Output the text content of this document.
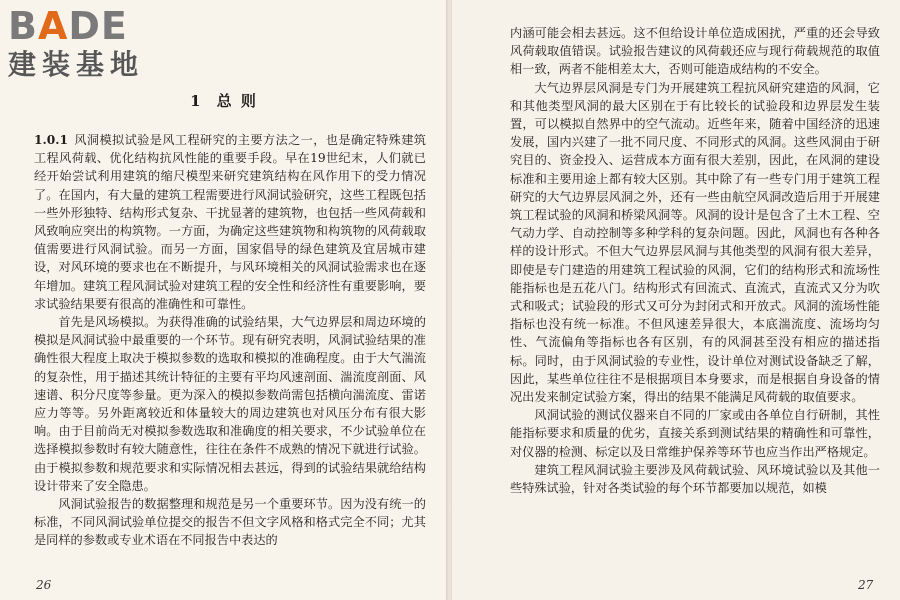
BADE
建装基地
1 总 则

1.0.1 风洞模拟试验是风工程研究的主要方法之一，也是确定特殊建筑工程风荷载、优化结构抗风性能的重要手段。早在19世纪末，人们就已经开始尝试利用建筑的缩尺模型来研究建筑结构在风作用下的受力情况了。在国内，有大量的建筑工程需要进行风洞试验研究，这些工程既包括一些外形独特、结构形式复杂、干扰显著的建筑物，也包括一些风荷载和风致响应突出的构筑物。一方面，为确定这些建筑物和构筑物的风荷载取值需要进行风洞试验。而另一方面，国家倡导的绿色建筑及宜居城市建设，对风环境的要求也在不断提升，与风环境相关的风洞试验需求也在逐年增加。建筑工程风洞试验对建筑工程的安全性和经济性有重要影响，要求试验结果要有很高的准确性和可靠性。

首先是风场模拟。为获得准确的试验结果，大气边界层和周边环境的模拟是风洞试验中最重要的一个环节。现有研究表明，风洞试验结果的准确性很大程度上取决于模拟参数的选取和模拟的准确程度。由于大气湍流的复杂性，用于描述其统计特征的主要有平均风速剖面、湍流度剖面、风速谱、积分尺度等参量。更为深入的模拟参数尚需包括横向湍流度、雷诺应力等等。另外距离较近和体量较大的周边建筑也对风压分布有很大影响。由于目前尚无对模拟参数选取和准确度的相关要求，不少试验单位在选择模拟参数时有较大随意性，往往在条件不成熟的情况下就进行试验。由于模拟参数和规范要求和实际情况相去甚远，得到的试验结果就给结构设计带来了安全隐患。

风洞试验报告的数据整理和规范是另一个重要环节。因为没有统一的标准，不同风洞试验单位提交的报告不但文字风格和格式完全不同；尤其是同样的参数或专业术语在不同报告中表达的

26

内涵可能会相去甚远。这不但给设计单位造成困扰，严重的还会导致风荷载取值错误。试验报告建议的风荷载还应与现行荷载规范的取值相一致，两者不能相差太大，否则可能造成结构的不安全。

大气边界层风洞是专门为开展建筑工程抗风研究建造的风洞，它和其他类型风洞的最大区别在于有比较长的试验段和边界层发生装置，可以模拟自然界中的空气流动。近些年来，随着中国经济的迅速发展，国内兴建了一批不同尺度、不同形式的风洞。这些风洞由于研究目的、资金投入、运营成本方面有很大差别，因此，在风洞的建设标准和主要用途上都有较大区别。其中除了有一些专门用于建筑工程研究的大气边界层风洞之外，还有一些由航空风洞改造后用于开展建筑工程试验的风洞和桥梁风洞等。风洞的设计是包含了土木工程、空气动力学、自动控制等多种学科的复杂问题。因此，风洞也有各种各样的设计形式。不但大气边界层风洞与其他类型的风洞有很大差异，即使是专门建造的用建筑工程试验的风洞，它们的结构形式和流场性能指标也是五花八门。结构形式有回流式、直流式，直流式又分为吹式和吸式；试验段的形式又可分为封闭式和开放式。风洞的流场性能指标也没有统一标准。不但风速差异很大，本底湍流度、流场均匀性、气流偏角等指标也各有区别，有的风洞甚至没有相应的描述指标。同时，由于风洞试验的专业性，设计单位对测试设备缺乏了解，因此，某些单位往往不是根据项目本身要求，而是根据自身设备的情况出发来制定试验方案，得出的结果不能满足风荷载的取值要求。

风洞试验的测试仪器来自不同的厂家或由各单位自行研制，其性能指标要求和质量的优劣，直接关系到测试结果的精确性和可靠性，对仪器的检测、标定以及日常维护保养等环节也应当作出严格规定。

建筑工程风洞试验主要涉及风荷载试验、风环境试验以及其他一些特殊试验，针对各类试验的每个环节都要加以规范，如模

27
